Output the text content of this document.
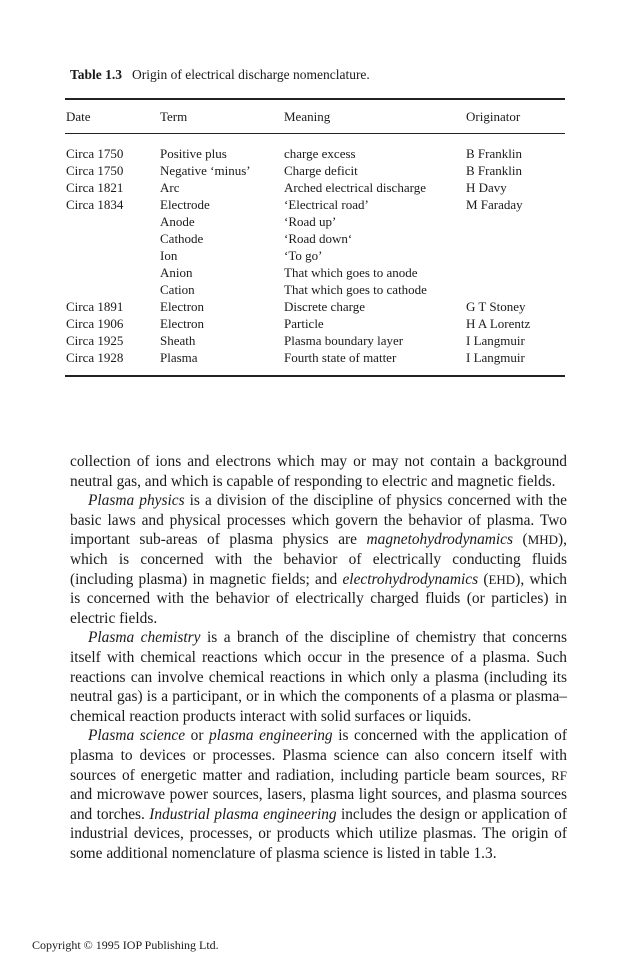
Table 1.3 Origin of electrical discharge nomenclature.
Date	Term	Meaning	Originator
Circa 1750	Positive plus	charge excess	B Franklin
Circa 1750	Negative ‘minus’	Charge deficit	B Franklin
Circa 1821	Arc	Arched electrical discharge	H Davy
Circa 1834	Electrode	‘Electrical road’	M Faraday
	Anode	‘Road up’	
	Cathode	‘Road down‘	
	Ion	‘To go’	
	Anion	That which goes to anode	
	Cation	That which goes to cathode	
Circa 1891	Electron	Discrete charge	G T Stoney
Circa 1906	Electron	Particle	H A Lorentz
Circa 1925	Sheath	Plasma boundary layer	I Langmuir
Circa 1928	Plasma	Fourth state of matter	I Langmuir

collection of ions and electrons which may or may not contain a background neutral gas, and which is capable of responding to electric and magnetic fields.

Plasma physics is a division of the discipline of physics concerned with the basic laws and physical processes which govern the behavior of plasma. Two important sub-areas of plasma physics are magnetohydrodynamics (MHD), which is concerned with the behavior of electrically conducting fluids (including plasma) in magnetic fields; and electrohydrodynamics (EHD), which is concerned with the behavior of electrically charged fluids (or particles) in electric fields.

Plasma chemistry is a branch of the discipline of chemistry that concerns itself with chemical reactions which occur in the presence of a plasma. Such reactions can involve chemical reactions in which only a plasma (including its neutral gas) is a participant, or in which the components of a plasma or plasma–chemical reaction products interact with solid surfaces or liquids.

Plasma science or plasma engineering is concerned with the application of plasma to devices or processes. Plasma science can also concern itself with sources of energetic matter and radiation, including particle beam sources, RF and microwave power sources, lasers, plasma light sources, and plasma sources and torches. Industrial plasma engineering includes the design or application of industrial devices, processes, or products which utilize plasmas. The origin of some additional nomenclature of plasma science is listed in table 1.3.

Copyright © 1995 IOP Publishing Ltd.
